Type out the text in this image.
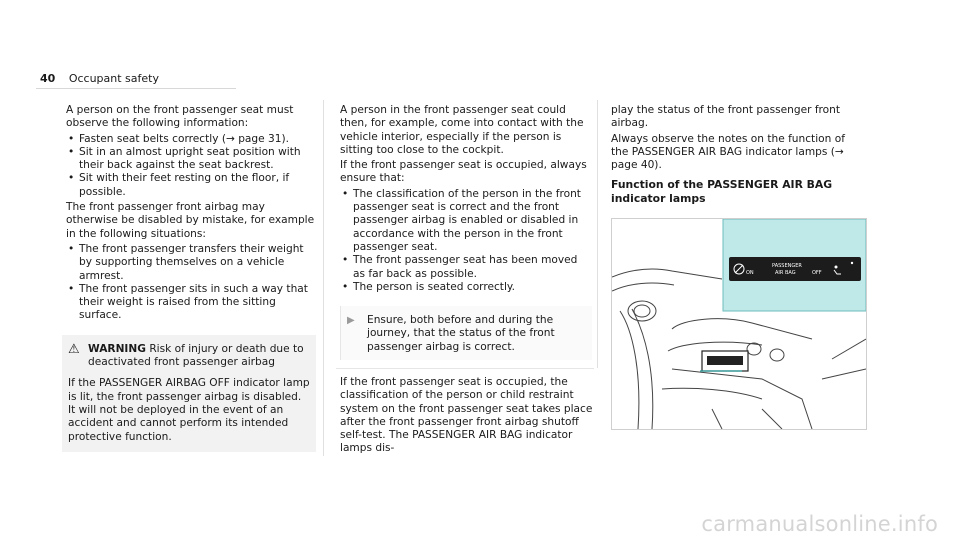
40 Occupant safety

A person on the front passenger seat must observe the following information:

• Fasten seat belts correctly (→ page 31).
• Sit in an almost upright seat position with their back against the seat backrest.
• Sit with their feet resting on the floor, if possible.

The front passenger front airbag may otherwise be disabled by mistake, for example in the following situations:

• The front passenger transfers their weight by supporting themselves on a vehicle armrest.
• The front passenger sits in such a way that their weight is raised from the sitting surface.
⚠ WARNING Risk of injury or death due to deactivated front passenger airbag
If the PASSENGER AIRBAG OFF indicator lamp is lit, the front passenger airbag is disabled. It will not be deployed in the event of an accident and cannot perform its intended protective function.

A person in the front passenger seat could then, for example, come into contact with the vehicle interior, especially if the person is sitting too close to the cockpit.

If the front passenger seat is occupied, always ensure that:

• The classification of the person in the front passenger seat is correct and the front passenger airbag is enabled or disabled in accordance with the person in the front passenger seat.
• The front passenger seat has been moved as far back as possible.
• The person is seated correctly.
▶	Ensure, both before and during the journey, that the status of the front passenger airbag is correct.
If the front passenger seat is occupied, the classification of the person or child restraint system on the front passenger seat takes place after the front passenger front airbag shutoff self-test. The PASSENGER AIR BAG indicator lamps dis-

play the status of the front passenger front airbag.

Always observe the notes on the function of the PASSENGER AIR BAG indicator lamps (→ page 40).

Function of the PASSENGER AIR BAG indicator lamps
ON
PASSENGER
AIR BAG	OFF
carmanualsonline.info
